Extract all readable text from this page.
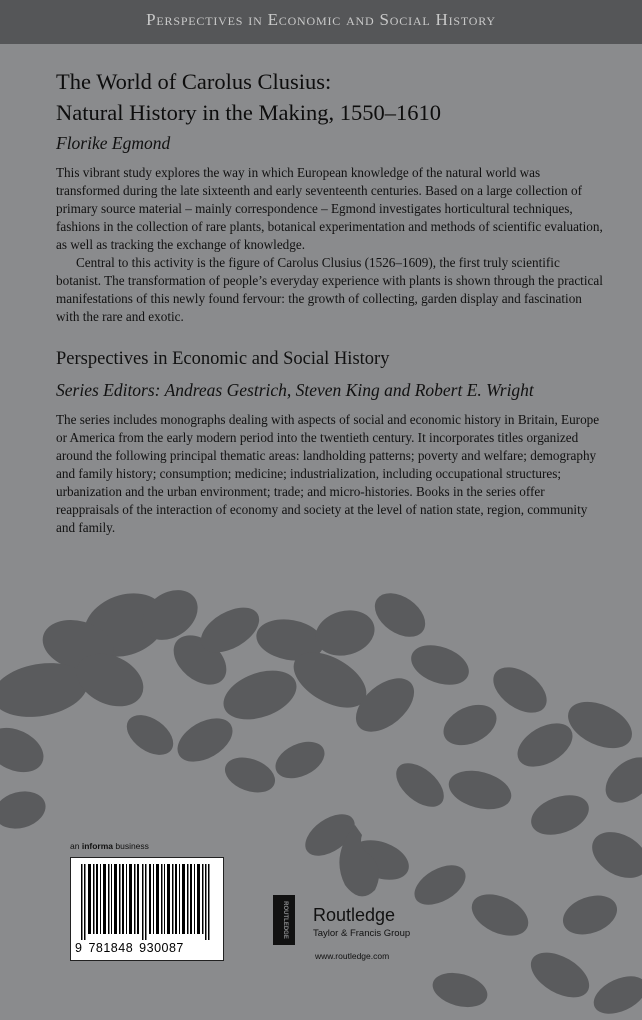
Perspectives in Economic and Social History
The World of Carolus Clusius:
Natural History in the Making, 1550–1610
Florike Egmond

This vibrant study explores the way in which European knowledge of the natural world was transformed during the late sixteenth and early seventeenth centuries. Based on a large collection of primary source material – mainly correspondence – Egmond investigates horticultural techniques, fashions in the collection of rare plants, botanical experimentation and methods of scientific evaluation, as well as tracking the exchange of knowledge.

Central to this activity is the figure of Carolus Clusius (1526–1609), the first truly scientific botanist. The transformation of people’s everyday experience with plants is shown through the practical manifestations of this newly found fervour: the growth of collecting, garden display and fascination with the rare and exotic.

Perspectives in Economic and Social History
Series Editors: Andreas Gestrich, Steven King and Robert E. Wright

The series includes monographs dealing with aspects of social and economic history in Britain, Europe or America from the early modern period into the twentieth century. It incorporates titles organized around the following principal thematic areas: landholding patterns; poverty and welfare; demography and family history; consumption; medicine; industrialization, including occupational structures; urbanization and the urban environment; trade; and micro-histories. Books in the series offer reappraisals of the interaction of economy and society at the level of nation state, region, community and family.

an informa business
9 781848 930087
ROUTLEDGE Routledge
Taylor & Francis Group
www.routledge.com
